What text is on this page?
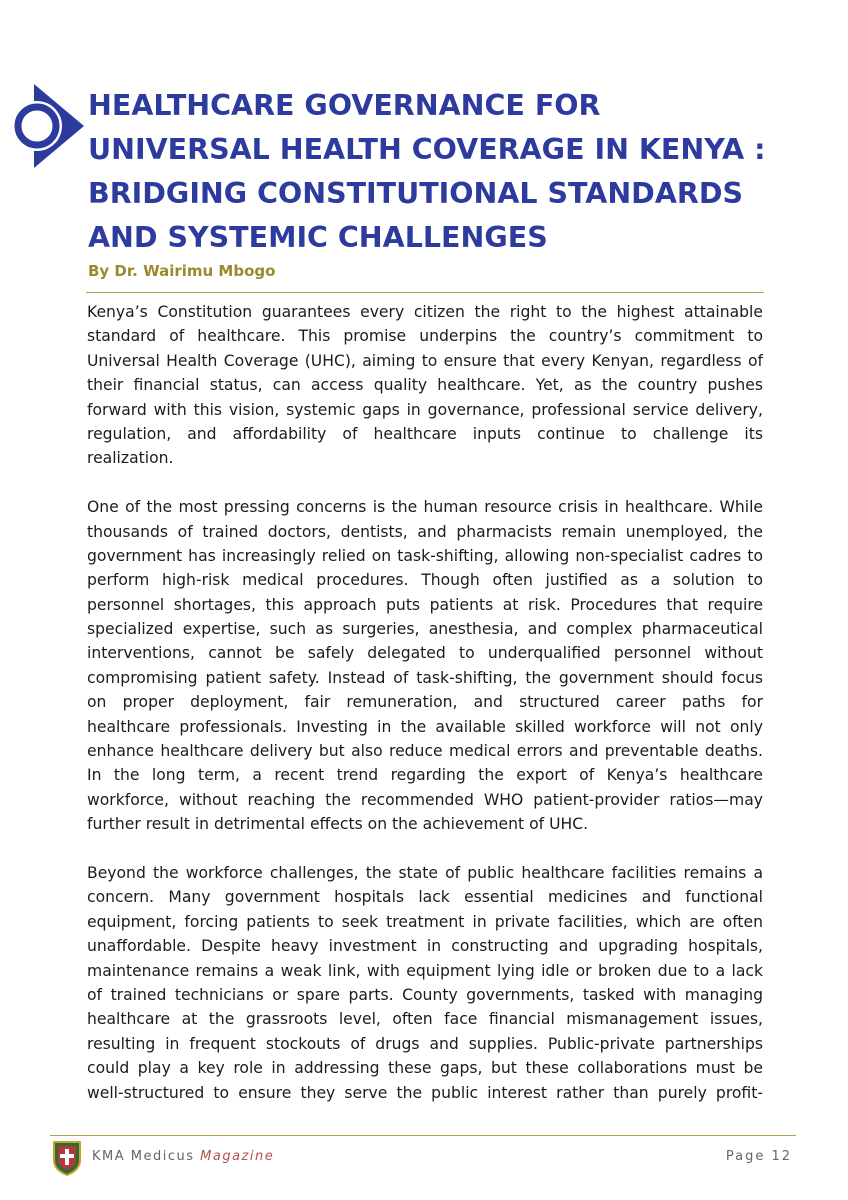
HEALTHCARE GOVERNANCE FOR
UNIVERSAL HEALTH COVERAGE IN KENYA :
BRIDGING CONSTITUTIONAL STANDARDS
AND SYSTEMIC CHALLENGES
By Dr. Wairimu Mbogo

Kenya’s Constitution guarantees every citizen the right to the highest attainable
standard of healthcare. This promise underpins the country’s commitment to
Universal Health Coverage (UHC), aiming to ensure that every Kenyan, regardless of
their financial status, can access quality healthcare. Yet, as the country pushes
forward with this vision, systemic gaps in governance, professional service delivery,
regulation, and affordability of healthcare inputs continue to challenge its
realization.

One of the most pressing concerns is the human resource crisis in healthcare. While
thousands of trained doctors, dentists, and pharmacists remain unemployed, the
government has increasingly relied on task-shifting, allowing non-specialist cadres to
perform high-risk medical procedures. Though often justified as a solution to
personnel shortages, this approach puts patients at risk. Procedures that require
specialized expertise, such as surgeries, anesthesia, and complex pharmaceutical
interventions, cannot be safely delegated to underqualified personnel without
compromising patient safety. Instead of task-shifting, the government should focus
on proper deployment, fair remuneration, and structured career paths for
healthcare professionals. Investing in the available skilled workforce will not only
enhance healthcare delivery but also reduce medical errors and preventable deaths.
In the long term, a recent trend regarding the export of Kenya’s healthcare
workforce, without reaching the recommended WHO patient-provider ratios—may
further result in detrimental effects on the achievement of UHC.

Beyond the workforce challenges, the state of public healthcare facilities remains a
concern. Many government hospitals lack essential medicines and functional
equipment, forcing patients to seek treatment in private facilities, which are often
unaffordable. Despite heavy investment in constructing and upgrading hospitals,
maintenance remains a weak link, with equipment lying idle or broken due to a lack
of trained technicians or spare parts. County governments, tasked with managing
healthcare at the grassroots level, often face financial mismanagement issues,
resulting in frequent stockouts of drugs and supplies. Public-private partnerships
could play a key role in addressing these gaps, but these collaborations must be
well-structured to ensure they serve the public interest rather than purely profit-

KMA Medicus Magazine	Page 12
